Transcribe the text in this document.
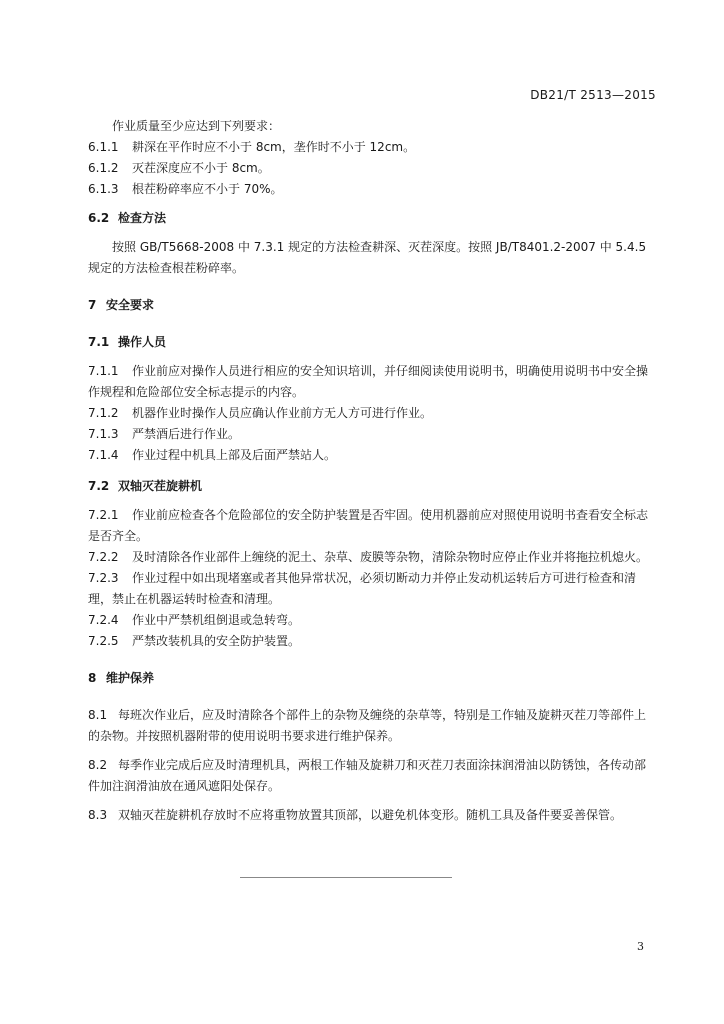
DB21/T 2513—2015

作业质量至少应达到下列要求：

6.1.1 耕深在平作时应不小于 8cm，垄作时不小于 12cm。

6.1.2 灭茬深度应不小于 8cm。

6.1.3 根茬粉碎率应不小于 70%。

6.2 检查方法

按照 GB/T5668-2008 中 7.3.1 规定的方法检查耕深、灭茬深度。按照 JB/T8401.2-2007 中 5.4.5 规定的方法检查根茬粉碎率。

7 安全要求

7.1 操作人员

7.1.1 作业前应对操作人员进行相应的安全知识培训，并仔细阅读使用说明书，明确使用说明书中安全操作规程和危险部位安全标志提示的内容。

7.1.2 机器作业时操作人员应确认作业前方无人方可进行作业。

7.1.3 严禁酒后进行作业。

7.1.4 作业过程中机具上部及后面严禁站人。

7.2 双轴灭茬旋耕机

7.2.1 作业前应检查各个危险部位的安全防护装置是否牢固。使用机器前应对照使用说明书查看安全标志是否齐全。

7.2.2 及时清除各作业部件上缠绕的泥土、杂草、废膜等杂物，清除杂物时应停止作业并将拖拉机熄火。

7.2.3 作业过程中如出现堵塞或者其他异常状况，必须切断动力并停止发动机运转后方可进行检查和清理，禁止在机器运转时检查和清理。

7.2.4 作业中严禁机组倒退或急转弯。

7.2.5 严禁改装机具的安全防护装置。

8 维护保养

8.1 每班次作业后，应及时清除各个部件上的杂物及缠绕的杂草等，特别是工作轴及旋耕灭茬刀等部件上的杂物。并按照机器附带的使用说明书要求进行维护保养。

8.2 每季作业完成后应及时清理机具，两根工作轴及旋耕刀和灭茬刀表面涂抹润滑油以防锈蚀，各传动部件加注润滑油放在通风遮阳处保存。

8.3 双轴灭茬旋耕机存放时不应将重物放置其顶部，以避免机体变形。随机工具及备件要妥善保管。

3
